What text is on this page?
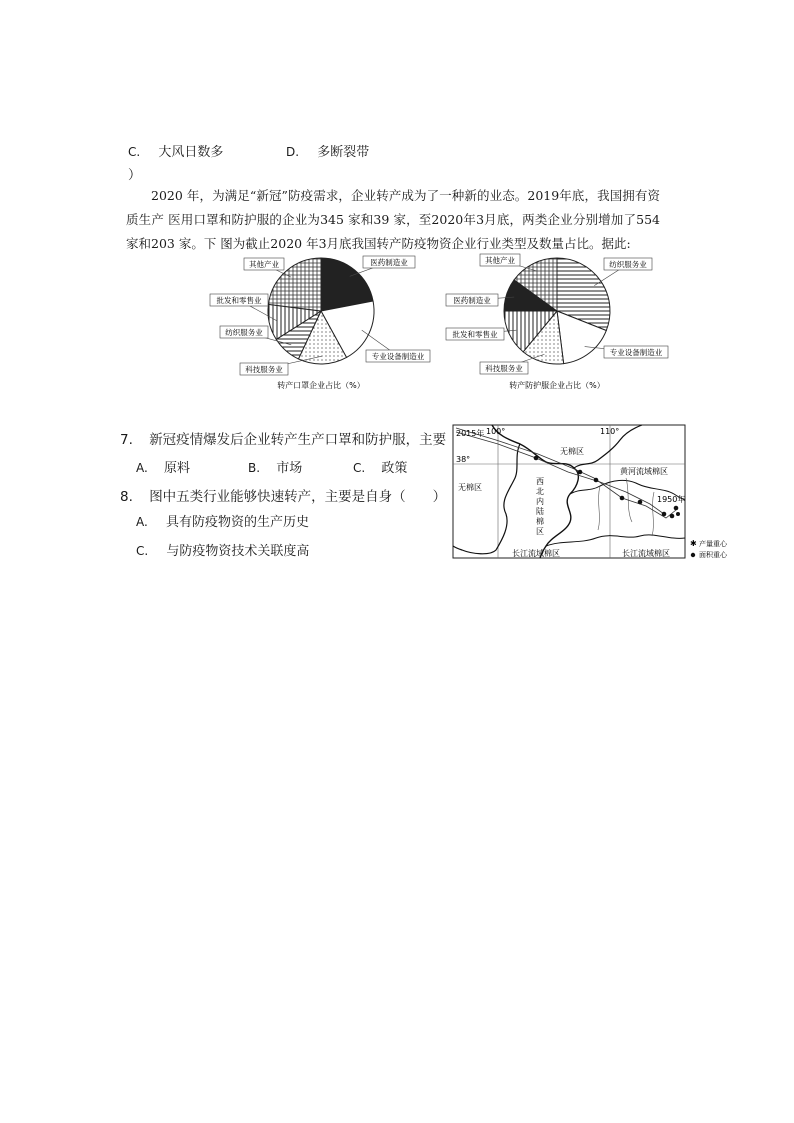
C. 大风日数多	D. 多断裂带
）

2020 年，为满足“新冠”防疫需求，企业转产成为了一种新的业态。2019年底，我国拥有资质生产 医用口罩和防护服的企业为345 家和39 家，至2020年3月底，两类企业分别增加了554 家和203 家。下 图为截止2020 年3月底我国转产防疫物资企业行业类型及数量占比。据此:

医药制造业
专业设备制造业
科技服务业
纺织服务业
批发和零售业
其他产业
转产口罩企业占比（%）
纺织服务业
专业设备制造业
科技服务业
批发和零售业
医药制造业
其他产业
转产防护服企业占比（%）
7. 新冠疫情爆发后企业转产生产口罩和防护服，主要
A. 原料	B. 市场	C. 政策
8. 图中五类行业能够快速转产，主要是自身（　　）
A. 具有防疫物资的生产历史
C. 与防疫物资技术关联度高
2015年 100°	110°
38°
无棉区
无棉区
黄河流域棉区
1950年
长江流域棉区	长江流域棉区
西北内陆棉区
✱ 产量重心
面积重心
